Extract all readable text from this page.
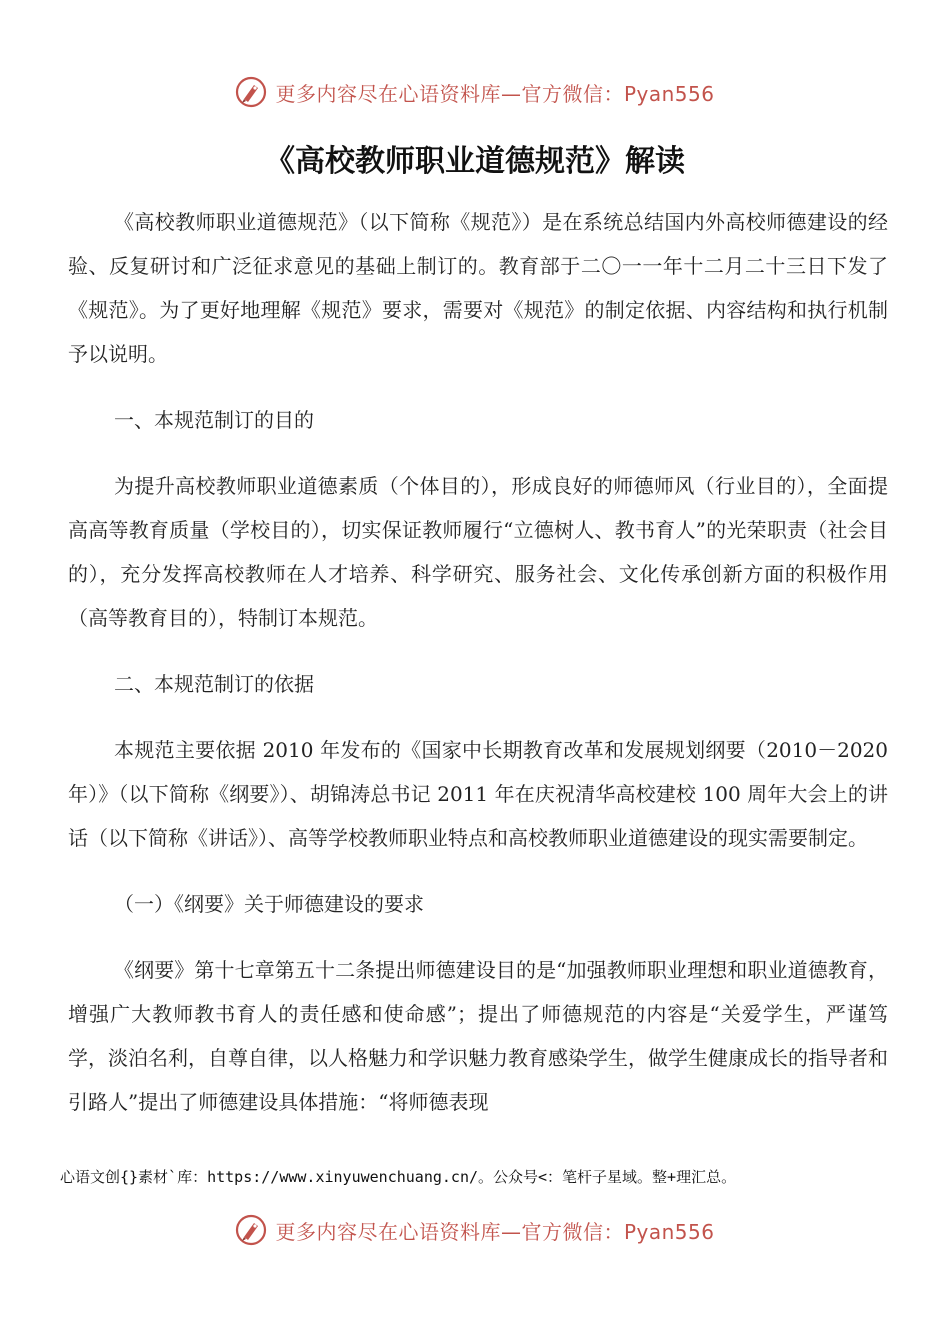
更多内容尽在心语资料库—官方微信：Pyan556
《高校教师职业道德规范》解读

《高校教师职业道德规范》（以下简称《规范》）是在系统总结国内外高校师德建设的经验、反复研讨和广泛征求意见的基础上制订的。教育部于二〇一一年十二月二十三日下发了《规范》。为了更好地理解《规范》要求，需要对《规范》的制定依据、内容结构和执行机制予以说明。

一、本规范制订的目的

为提升高校教师职业道德素质（个体目的），形成良好的师德师风（行业目的），全面提高高等教育质量（学校目的），切实保证教师履行“立德树人、教书育人”的光荣职责（社会目的），充分发挥高校教师在人才培养、科学研究、服务社会、文化传承创新方面的积极作用（高等教育目的），特制订本规范。

二、本规范制订的依据

本规范主要依据 2010 年发布的《国家中长期教育改革和发展规划纲要（2010－2020 年）》（以下简称《纲要》）、胡锦涛总书记 2011 年在庆祝清华高校建校 100 周年大会上的讲话（以下简称《讲话》）、高等学校教师职业特点和高校教师职业道德建设的现实需要制定。

（一）《纲要》关于师德建设的要求

《纲要》第十七章第五十二条提出师德建设目的是“加强教师职业理想和职业道德教育，增强广大教师教书育人的责任感和使命感”；提出了师德规范的内容是“关爱学生，严谨笃学，淡泊名利，自尊自律，以人格魅力和学识魅力教育感染学生，做学生健康成长的指导者和引路人”提出了师德建设具体措施：“将师德表现

心语文创{}素材`库：https://www.xinyuwenchuang.cn/。公众号<：笔杆子星域。整+理汇总。
更多内容尽在心语资料库—官方微信：Pyan556
